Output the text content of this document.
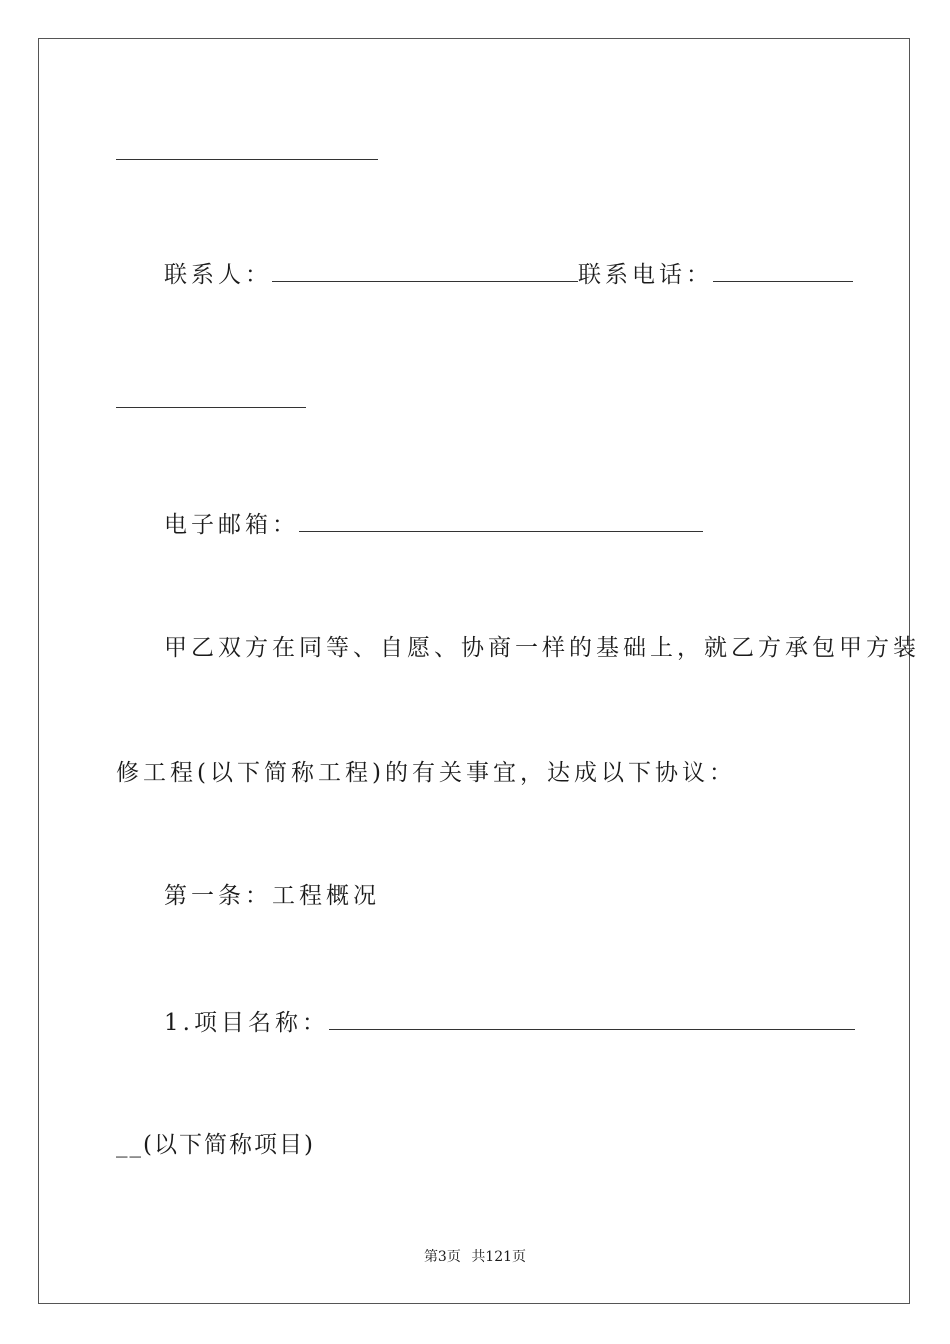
联系人：	联系电话：
电子邮箱：
甲乙双方在同等、自愿、协商一样的基础上，就乙方承包甲方装
修工程(以下简称工程)的有关事宜，达成以下协议：
第一条：工程概况
1.项目名称：
__(以下简称项目)
第3页 共121页
